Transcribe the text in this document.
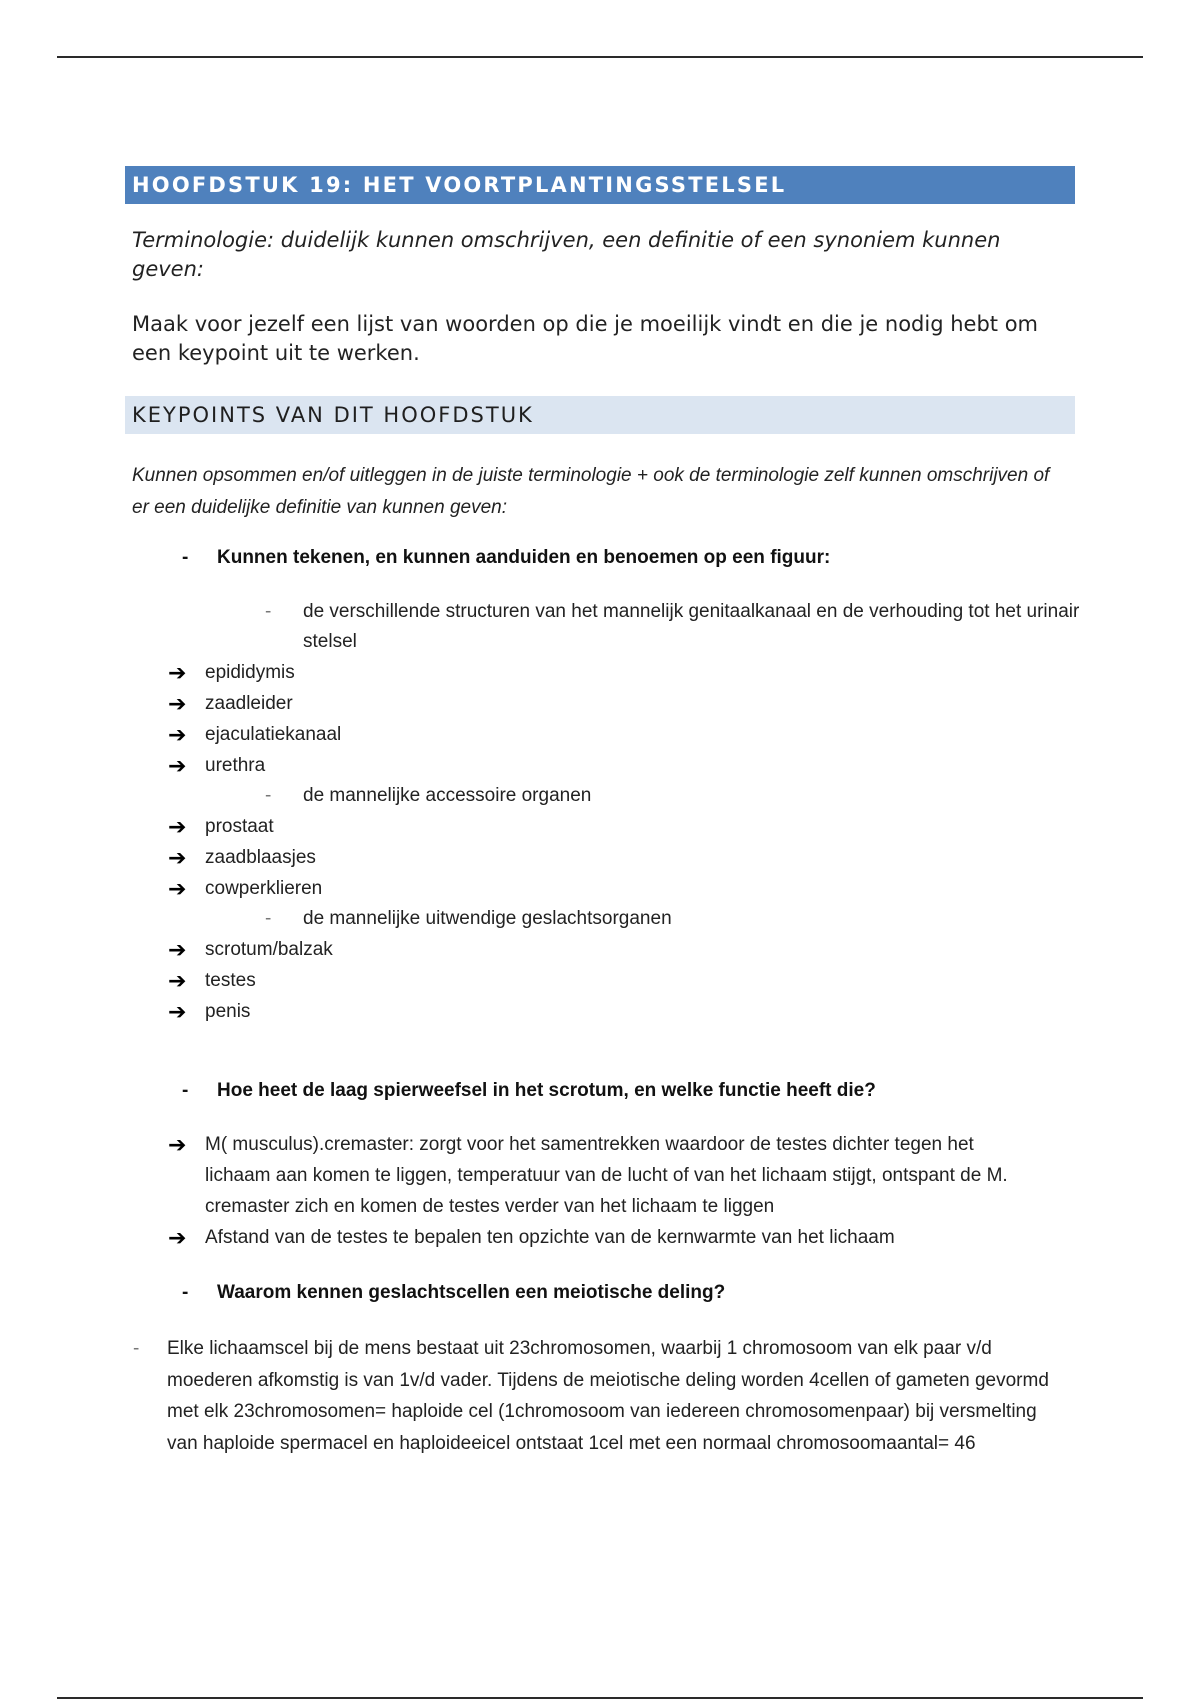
HOOFDSTUK 19: HET VOORTPLANTINGSSTELSEL
Terminologie: duidelijk kunnen omschrijven, een definitie of een synoniem kunnen geven:
Maak voor jezelf een lijst van woorden op die je moeilijk vindt en die je nodig hebt om een keypoint uit te werken.
KEYPOINTS VAN DIT HOOFDSTUK
Kunnen opsommen en/of uitleggen in de juiste terminologie + ook de terminologie zelf kunnen omschrijven of er een duidelijke definitie van kunnen geven:
- Kunnen tekenen, en kunnen aanduiden en benoemen op een figuur:
- de verschillende structuren van het mannelijk genitaalkanaal en de verhouding tot het urinair stelsel
➔ epididymis
➔ zaadleider
➔ ejaculatiekanaal
➔ urethra
- de mannelijke accessoire organen
➔ prostaat
➔ zaadblaasjes
➔ cowperklieren
- de mannelijke uitwendige geslachtsorganen
➔ scrotum/balzak
➔ testes
➔ penis
- Hoe heet de laag spierweefsel in het scrotum, en welke functie heeft die?
➔ M( musculus).cremaster: zorgt voor het samentrekken waardoor de testes dichter tegen het lichaam aan komen te liggen, temperatuur van de lucht of van het lichaam stijgt, ontspant de M. cremaster zich en komen de testes verder van het lichaam te liggen
➔ Afstand van de testes te bepalen ten opzichte van de kernwarmte van het lichaam
- Waarom kennen geslachtscellen een meiotische deling?
- Elke lichaamscel bij de mens bestaat uit 23chromosomen, waarbij 1 chromosoom van elk paar v/d moederen afkomstig is van 1v/d vader. Tijdens de meiotische deling worden 4cellen of gameten gevormd met elk 23chromosomen= haploide cel (1chromosoom van iedereen chromosomenpaar) bij versmelting van haploide spermacel en haploideeicel ontstaat 1cel met een normaal chromosoomaantal= 46
